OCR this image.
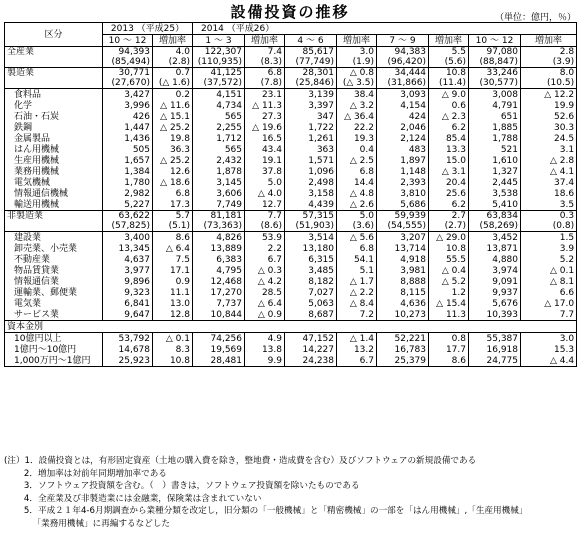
設備投資の推移	（単位：億円，％）
区分	2013 （平成25）		2014 （平成26）							
	10 ～ 12	増加率	1 ～ 3	増加率	4 ～ 6	増加率	7 ～ 9	増加率	10 ～ 12	増加率
全産業	94,393	4.0	122,307	7.4	85,617	3.0	94,383	5.5	97,080	2.8
	(85,494)	(2.8)	(110,935)	(8.3)	(77,749)	(1.9)	(96,420)	(5.6)	(88,847)	(3.9)
製造業	30,771	0.7	41,125	6.8	28,301	△ 0.8	34,444	10.8	33,246	8.0
	(27,670)	(△ 1.6)	(37,572)	(7.8)	(25,846)	(△ 3.5)	(31,866)	(11.4)	(30,577)	(10.5)
食料品	3,427	0.2	4,151	23.1	3,139	38.4	3,093	△ 9.0	3,008	△ 12.2
化学	3,996	△ 11.6	4,734	△ 11.3	3,397	△ 3.2	4,154	0.6	4,791	19.9
石油・石炭	426	△ 15.1	565	27.3	347	△ 36.4	424	△ 2.3	651	52.6
鉄鋼	1,447	△ 25.2	2,255	△ 19.6	1,722	22.2	2,046	6.2	1,885	30.3
金属製品	1,436	19.8	1,712	16.5	1,261	19.3	2,124	85.4	1,788	24.5
はん用機械	505	36.3	565	43.4	363	0.4	483	13.3	521	3.1
生産用機械	1,657	△ 25.2	2,432	19.1	1,571	△ 2.5	1,897	15.0	1,610	△ 2.8
業務用機械	1,384	12.6	1,878	37.8	1,096	6.8	1,148	△ 3.1	1,327	△ 4.1
電気機械	1,780	△ 18.6	3,145	5.0	2,498	14.4	2,393	20.4	2,445	37.4
情報通信機械	2,982	6.8	3,606	△ 4.0	3,158	△ 4.8	3,810	25.6	3,538	18.6
輸送用機械	5,227	17.3	7,749	12.7	4,439	△ 2.6	5,686	6.2	5,410	3.5
非製造業	63,622	5.7	81,181	7.7	57,315	5.0	59,939	2.7	63,834	0.3
	(57,825)	(5.1)	(73,363)	(8.6)	(51,903)	(3.6)	(54,555)	(2.7)	(58,269)	(0.8)
建設業	3,400	8.6	4,826	53.9	3,514	△ 5.6	3,207	△ 29.0	3,452	1.5
卸売業、小売業	13,345	△ 6.4	13,889	2.2	13,180	6.8	13,714	10.8	13,871	3.9
不動産業	4,637	7.5	6,383	6.7	6,315	54.1	4,918	55.5	4,880	5.2
物品賃貸業	3,977	17.1	4,795	△ 0.3	3,485	5.1	3,981	△ 0.4	3,974	△ 0.1
情報通信業	9,896	0.9	12,468	△ 4.2	8,182	△ 1.7	8,888	△ 5.2	9,091	△ 8.1
運輸業、郵便業	9,323	11.1	17,270	28.5	7,027	△ 2.2	8,115	1.2	9,937	6.6
電気業	6,841	13.0	7,737	△ 6.4	5,063	△ 8.4	4,636	△ 15.4	5,676	△ 17.0
サービス業	9,647	12.8	10,844	△ 0.9	8,687	7.2	10,273	11.3	10,393	7.7
資本金別										
10億円以上	53,792	△ 0.1	74,256	4.9	47,152	△ 1.4	52,221	0.8	55,387	3.0
1億円～10億円	14,678	8.3	19,569	13.8	14,227	13.2	16,783	17.7	16,918	15.3
1,000万円～1億円	25,923	10.8	28,481	9.9	24,238	6.7	25,379	8.6	24,775	△ 4.4
(注）1．設備投資とは，有形固定資産（土地の購入費を除き，整地費・造成費を含む）及びソフトウェアの新規設備である
　　 2．増加率は対前年同期増加率である
　　 3．ソフトウェア投資額を含む。（　）書きは，ソフトウェア投資額を除いたものである
　　 4．全産業及び非製造業には金融業，保険業は含まれていない
　　 5．平成２１年4-6月期調査から業種分類を改定し，旧分類の「一般機械」と「精密機械」の一部を「はん用機械」,「生産用機械」
　　　 「業務用機械」に再編するなどした
